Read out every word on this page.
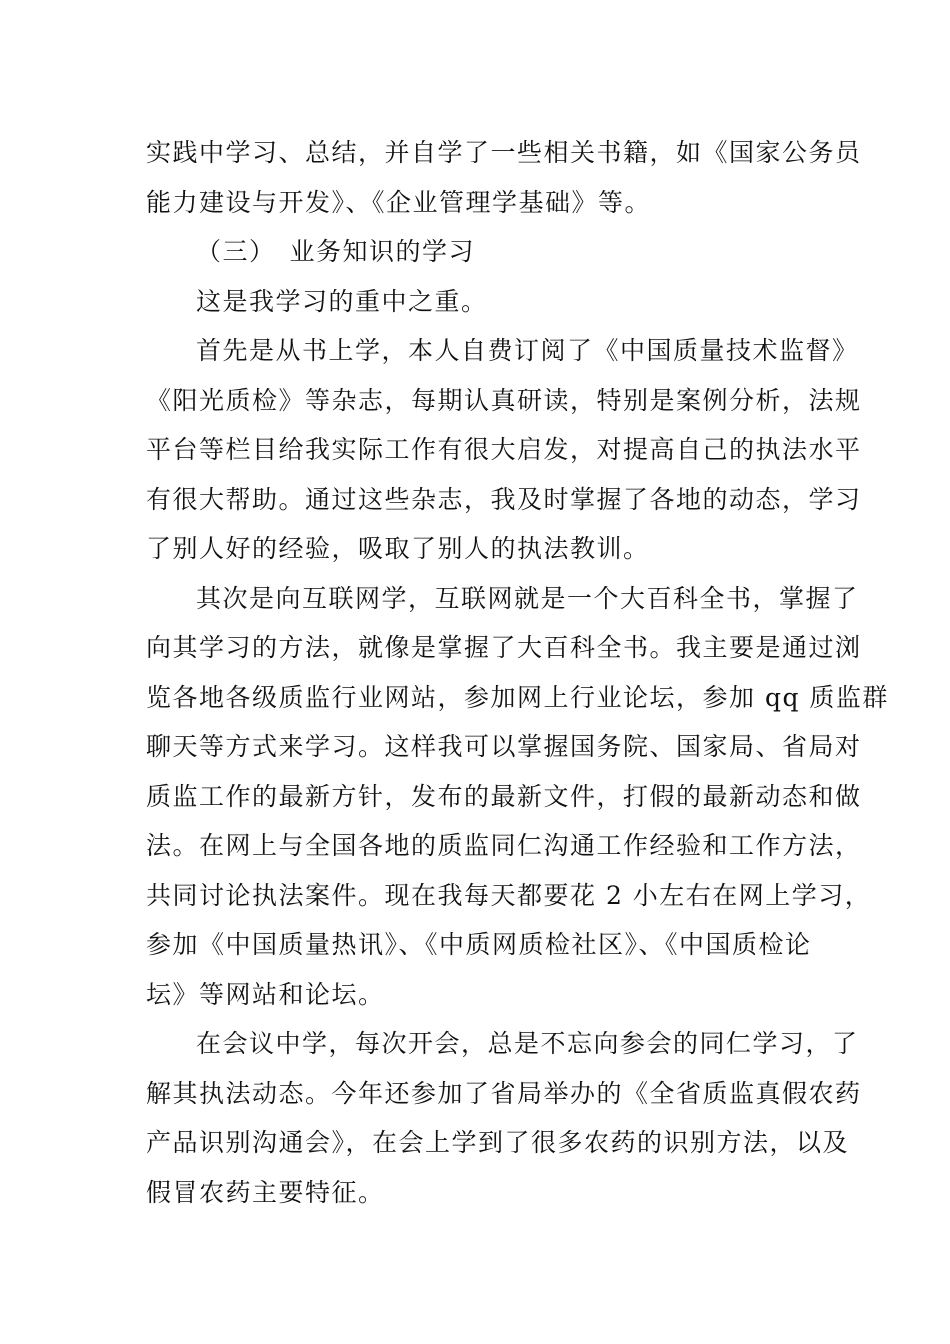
实践中学习、总结，并自学了一些相关书籍，如《国家公务员
能力建设与开发》、《企业管理学基础》等。
（三） 业务知识的学习
这是我学习的重中之重。
首先是从书上学，本人自费订阅了《中国质量技术监督》
《阳光质检》等杂志，每期认真研读，特别是案例分析，法规
平台等栏目给我实际工作有很大启发，对提高自己的执法水平
有很大帮助。通过这些杂志，我及时掌握了各地的动态，学习
了别人好的经验，吸取了别人的执法教训。
其次是向互联网学，互联网就是一个大百科全书，掌握了
向其学习的方法，就像是掌握了大百科全书。我主要是通过浏
览各地各级质监行业网站，参加网上行业论坛，参加 qq 质监群
聊天等方式来学习。这样我可以掌握国务院、国家局、省局对
质监工作的最新方针，发布的最新文件，打假的最新动态和做
法。在网上与全国各地的质监同仁沟通工作经验和工作方法，
共同讨论执法案件。现在我每天都要花 2 小左右在网上学习，
参加《中国质量热讯》、《中质网质检社区》、《中国质检论
坛》等网站和论坛。
在会议中学，每次开会，总是不忘向参会的同仁学习，了
解其执法动态。今年还参加了省局举办的《全省质监真假农药
产品识别沟通会》，在会上学到了很多农药的识别方法，以及
假冒农药主要特征。
